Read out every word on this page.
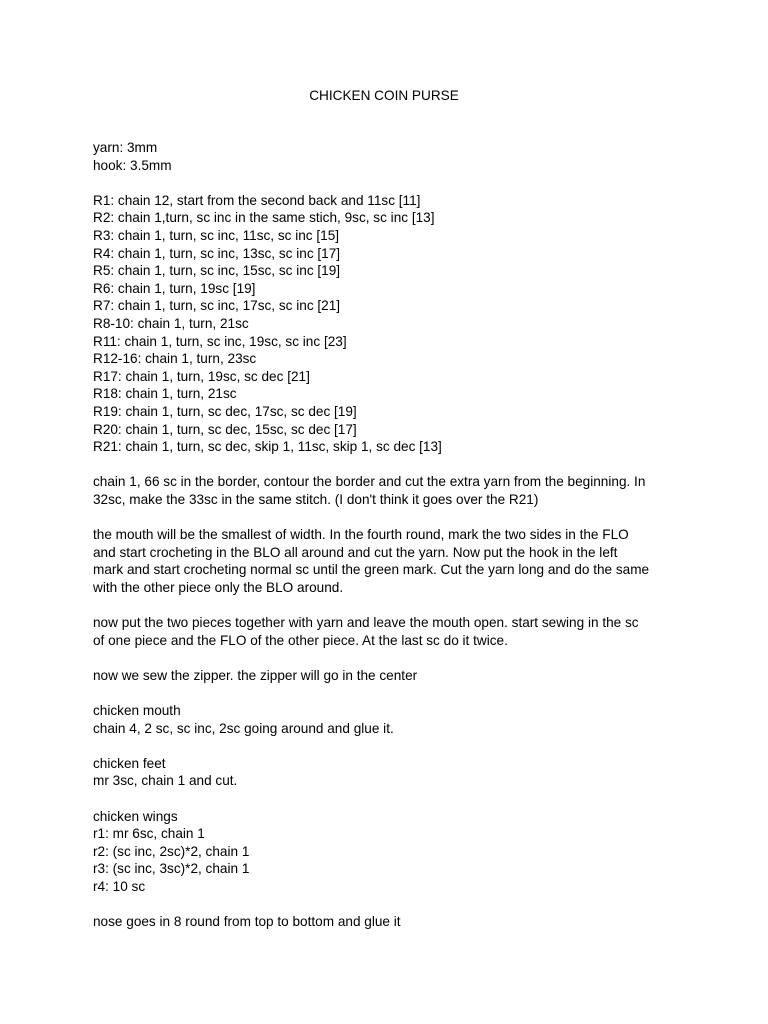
CHICKEN COIN PURSE
yarn: 3mm
hook: 3.5mm
R1: chain 12, start from the second back and 11sc [11]
R2: chain 1,turn, sc inc in the same stich, 9sc, sc inc [13]
R3: chain 1, turn, sc inc, 11sc, sc inc [15]
R4: chain 1, turn, sc inc, 13sc, sc inc [17]
R5: chain 1, turn, sc inc, 15sc, sc inc [19]
R6: chain 1, turn, 19sc [19]
R7: chain 1, turn, sc inc, 17sc, sc inc [21]
R8-10: chain 1, turn, 21sc
R11: chain 1, turn, sc inc, 19sc, sc inc [23]
R12-16: chain 1, turn, 23sc
R17: chain 1, turn, 19sc, sc dec [21]
R18: chain 1, turn, 21sc
R19: chain 1, turn, sc dec, 17sc, sc dec [19]
R20: chain 1, turn, sc dec, 15sc, sc dec [17]
R21: chain 1, turn, sc dec, skip 1, 11sc, skip 1, sc dec [13]
chain 1, 66 sc in the border, contour the border and cut the extra yarn from the beginning. In
32sc, make the 33sc in the same stitch. (I don't think it goes over the R21)
the mouth will be the smallest of width. In the fourth round, mark the two sides in the FLO
and start crocheting in the BLO all around and cut the yarn. Now put the hook in the left
mark and start crocheting normal sc until the green mark. Cut the yarn long and do the same
with the other piece only the BLO around.
now put the two pieces together with yarn and leave the mouth open. start sewing in the sc
of one piece and the FLO of the other piece. At the last sc do it twice.
now we sew the zipper. the zipper will go in the center
chicken mouth
chain 4, 2 sc, sc inc, 2sc going around and glue it.
chicken feet
mr 3sc, chain 1 and cut.
chicken wings
r1: mr 6sc, chain 1
r2: (sc inc, 2sc)*2, chain 1
r3: (sc inc, 3sc)*2, chain 1
r4: 10 sc
nose goes in 8 round from top to bottom and glue it
